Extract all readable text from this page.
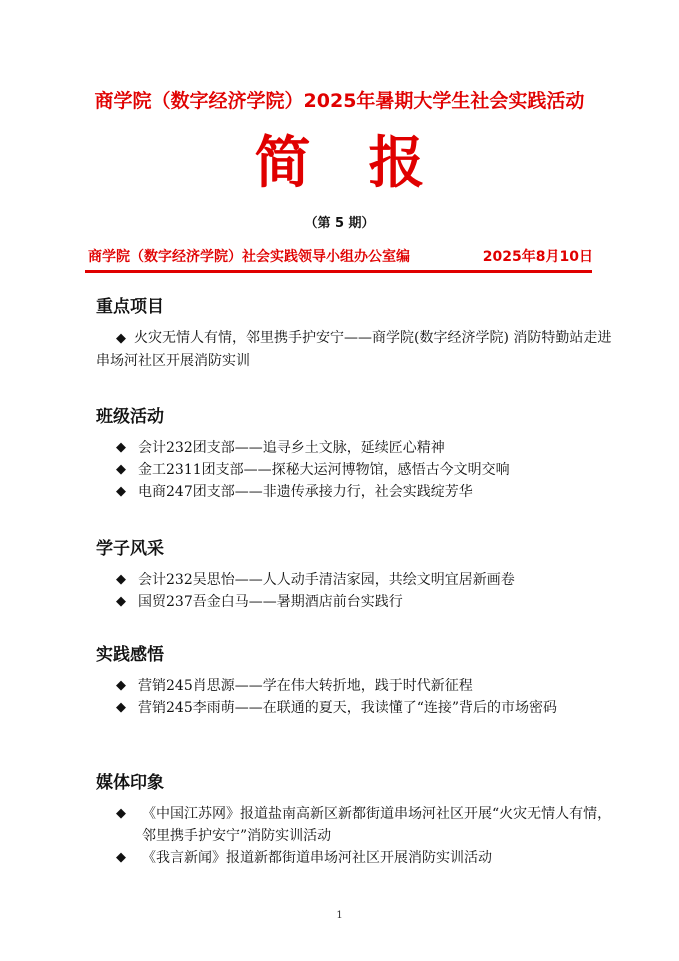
商学院（数字经济学院）2025年暑期大学生社会实践活动
简报
（第 5 期）
商学院（数字经济学院）社会实践领导小组办公室编	2025年8月10日
重点项目
◆ 火灾无情人有情，邻里携手护安宁——商学院(数字经济学院) 消防特勤站走进串场河社区开展消防实训
班级活动
◆ 会计232团支部——追寻乡土文脉，延续匠心精神
◆ 金工2311团支部——探秘大运河博物馆，感悟古今文明交响
◆ 电商247团支部——非遗传承接力行，社会实践绽芳华
学子风采
◆ 会计232吴思怡——人人动手清洁家园，共绘文明宜居新画卷
◆ 国贸237吾金白马——暑期酒店前台实践行
实践感悟
◆ 营销245肖思源——学在伟大转折地，践于时代新征程
◆ 营销245李雨萌——在联通的夏天，我读懂了“连接”背后的市场密码
媒体印象
◆ 《中国江苏网》报道盐南高新区新都街道串场河社区开展“火灾无情人有情，邻里携手护安宁”消防实训活动
◆ 《我言新闻》报道新都街道串场河社区开展消防实训活动
1
